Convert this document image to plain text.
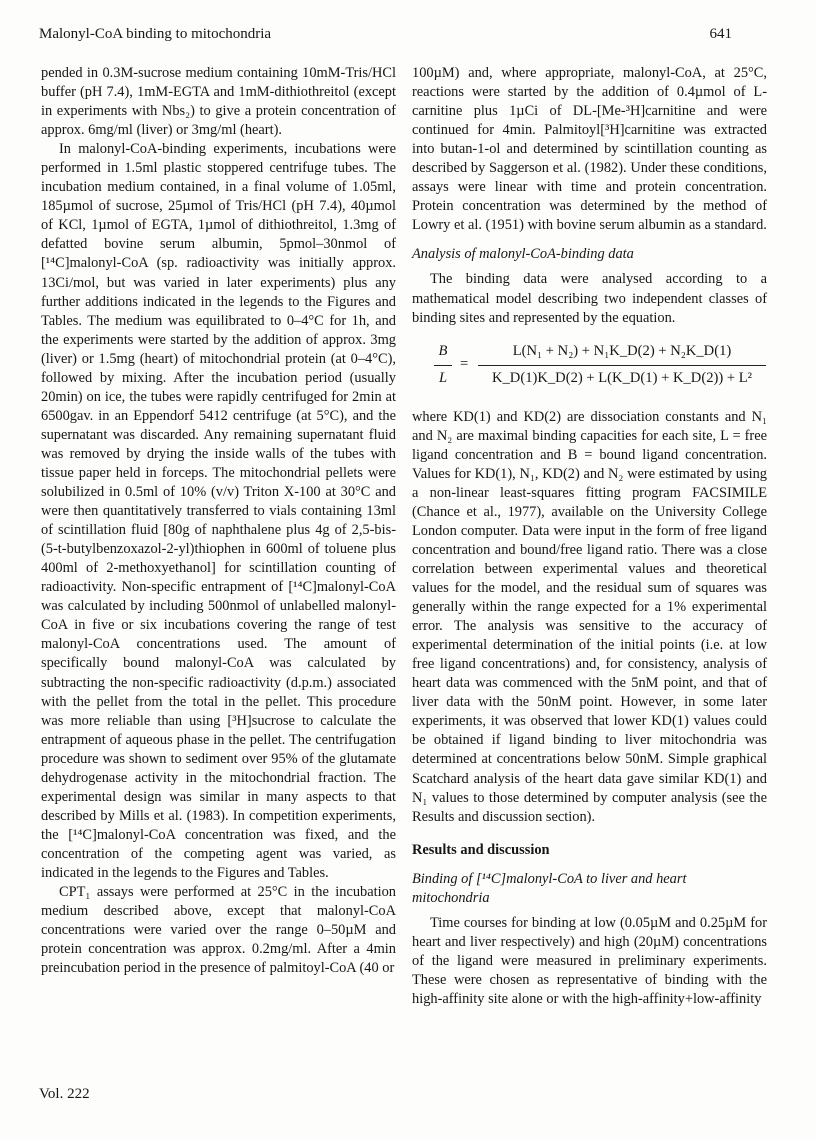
Malonyl-CoA binding to mitochondria	641

pended in 0.3M-sucrose medium containing 10mM-Tris/HCl buffer (pH 7.4), 1mM-EGTA and 1mM-dithiothreitol (except in experiments with Nbs₂) to give a protein concentration of approx. 6mg/ml (liver) or 3mg/ml (heart).

In malonyl-CoA-binding experiments, incubations were performed in 1.5ml plastic stoppered centrifuge tubes. The incubation medium contained, in a final volume of 1.05ml, 185µmol of sucrose, 25µmol of Tris/HCl (pH 7.4), 40µmol of KCl, 1µmol of EGTA, 1µmol of dithiothreitol, 1.3mg of defatted bovine serum albumin, 5pmol–30nmol of [¹⁴C]malonyl-CoA (sp. radioactivity was initially approx. 13Ci/mol, but was varied in later experiments) plus any further additions indicated in the legends to the Figures and Tables. The medium was equilibrated to 0–4°C for 1h, and the experiments were started by the addition of approx. 3mg (liver) or 1.5mg (heart) of mitochondrial protein (at 0–4°C), followed by mixing. After the incubation period (usually 20min) on ice, the tubes were rapidly centrifuged for 2min at 6500gav. in an Eppendorf 5412 centrifuge (at 5°C), and the supernatant was discarded. Any remaining supernatant fluid was removed by drying the inside walls of the tubes with tissue paper held in forceps. The mitochondrial pellets were solubilized in 0.5ml of 10% (v/v) Triton X-100 at 30°C and were then quantitatively transferred to vials containing 13ml of scintillation fluid [80g of naphthalene plus 4g of 2,5-bis-(5-t-butylbenzoxazol-2-yl)thiophen in 600ml of toluene plus 400ml of 2-methoxyethanol] for scintillation counting of radioactivity. Non-specific entrapment of [¹⁴C]malonyl-CoA was calculated by including 500nmol of unlabelled malonyl-CoA in five or six incubations covering the range of test malonyl-CoA concentrations used. The amount of specifically bound malonyl-CoA was calculated by subtracting the non-specific radioactivity (d.p.m.) associated with the pellet from the total in the pellet. This procedure was more reliable than using [³H]sucrose to calculate the entrapment of aqueous phase in the pellet. The centrifugation procedure was shown to sediment over 95% of the glutamate dehydrogenase activity in the mitochondrial fraction. The experimental design was similar in many aspects to that described by Mills et al. (1983). In competition experiments, the [¹⁴C]malonyl-CoA concentration was fixed, and the concentration of the competing agent was varied, as indicated in the legends to the Figures and Tables.

CPT₁ assays were performed at 25°C in the incubation medium described above, except that malonyl-CoA concentrations were varied over the range 0–50µM and protein concentration was approx. 0.2mg/ml. After a 4min preincubation period in the presence of palmitoyl-CoA (40 or

100µM) and, where appropriate, malonyl-CoA, at 25°C, reactions were started by the addition of 0.4µmol of L-carnitine plus 1µCi of DL-[Me-³H]carnitine and were continued for 4min. Palmitoyl[³H]carnitine was extracted into butan-1-ol and determined by scintillation counting as described by Saggerson et al. (1982). Under these conditions, assays were linear with time and protein concentration. Protein concentration was determined by the method of Lowry et al. (1951) with bovine serum albumin as a standard.

Analysis of malonyl-CoA-binding data

The binding data were analysed according to a mathematical model describing two independent classes of binding sites and represented by the equation.

B
L
=
L(N₁ + N₂) + N₁K_D(2) + N₂K_D(1)
K_D(1)K_D(2) + L(K_D(1) + K_D(2)) + L²

where KD(1) and KD(2) are dissociation constants and N₁ and N₂ are maximal binding capacities for each site, L = free ligand concentration and B = bound ligand concentration. Values for KD(1), N₁, KD(2) and N₂ were estimated by using a non-linear least-squares fitting program FACSIMILE (Chance et al., 1977), available on the University College London computer. Data were input in the form of free ligand concentration and bound/free ligand ratio. There was a close correlation between experimental values and theoretical values for the model, and the residual sum of squares was generally within the range expected for a 1% experimental error. The analysis was sensitive to the accuracy of experimental determination of the initial points (i.e. at low free ligand concentrations) and, for consistency, analysis of heart data was commenced with the 5nM point, and that of liver data with the 50nM point. However, in some later experiments, it was observed that lower KD(1) values could be obtained if ligand binding to liver mitochondria was determined at concentrations below 50nM. Simple graphical Scatchard analysis of the heart data gave similar KD(1) and N₁ values to those determined by computer analysis (see the Results and discussion section).

Results and discussion

Binding of [¹⁴C]malonyl-CoA to liver and heart mitochondria

Time courses for binding at low (0.05µM and 0.25µM for heart and liver respectively) and high (20µM) concentrations of the ligand were measured in preliminary experiments. These were chosen as representative of binding with the high-affinity site alone or with the high-affinity+low-affinity

Vol. 222
